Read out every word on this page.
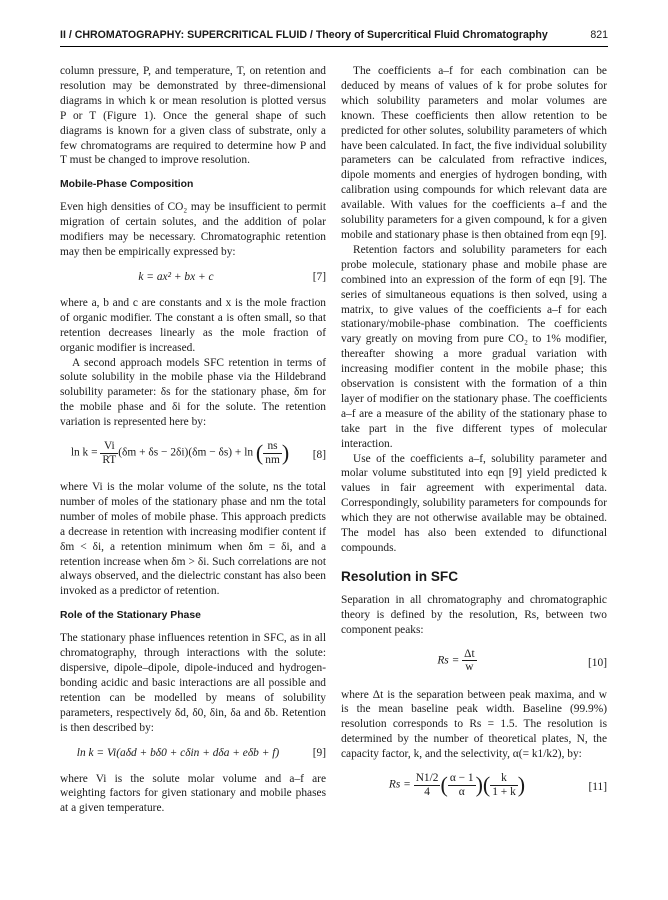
II / CHROMATOGRAPHY: SUPERCRITICAL FLUID / Theory of Supercritical Fluid Chromatography	821

column pressure, P, and temperature, T, on retention and resolution may be demonstrated by three-dimensional diagrams in which k or mean resolution is plotted versus P or T (Figure 1). Once the general shape of such diagrams is known for a given class of substrate, only a few chromatograms are required to determine how P and T must be changed to improve resolution.

Mobile-Phase Composition

Even high densities of CO₂ may be insufficient to permit migration of certain solutes, and the addition of polar modifiers may be necessary. Chromatographic retention may then be empirically expressed by:

k = ax² + bx + c	[7]

where a, b and c are constants and x is the mole fraction of organic modifier. The constant a is often small, so that retention decreases linearly as the mole fraction of organic modifier is increased.

A second approach models SFC retention in terms of solute solubility in the mobile phase via the Hildebrand solubility parameter: δs for the stationary phase, δm for the mobile phase and δi for the solute. The retention variation is represented here by:

$\ln k = \frac{Vi}{RT} (\delta m + \delta s - 2\delta i)(\delta m - \delta s) + \ln$ ( $\frac{ns}{nm}$ )	[8]

where Vi is the molar volume of the solute, ns the total number of moles of the stationary phase and nm the total number of moles of mobile phase. This approach predicts a decrease in retention with increasing modifier content if δm < δi, a retention minimum when δm = δi, and a retention increase when δm > δi. Such correlations are not always observed, and the dielectric constant has also been invoked as a predictor of retention.

Role of the Stationary Phase

The stationary phase influences retention in SFC, as in all chromatography, through interactions with the solute: dispersive, dipole–dipole, dipole-induced and hydrogen-bonding acidic and basic interactions are all possible and retention can be modelled by means of solubility parameters, respectively δd, δ0, δin, δa and δb. Retention is then described by:

ln k = Vi(aδd + bδ0 + cδin + dδa + eδb + f)	[9]

where Vi is the solute molar volume and a–f are weighting factors for given stationary and mobile phases at a given temperature.

The coefficients a–f for each combination can be deduced by means of values of k for probe solutes for which solubility parameters and molar volumes are known. These coefficients then allow retention to be predicted for other solutes, solubility parameters of which have been calculated. In fact, the five individual solubility parameters can be calculated from refractive indices, dipole moments and energies of hydrogen bonding, with calibration using compounds for which relevant data are available. With values for the coefficients a–f and the solubility parameters for a given compound, k for a given mobile and stationary phase is then obtained from eqn [9].

Retention factors and solubility parameters for each probe molecule, stationary phase and mobile phase are combined into an expression of the form of eqn [9]. The series of simultaneous equations is then solved, using a matrix, to give values of the coefficients a–f for each stationary/mobile-phase combination. The coefficients vary greatly on moving from pure CO₂ to 1% modifier, thereafter showing a more gradual variation with increasing modifier content in the mobile phase; this observation is consistent with the formation of a thin layer of modifier on the stationary phase. The coefficients a–f are a measure of the ability of the stationary phase to take part in the five different types of molecular interaction.

Use of the coefficients a–f, solubility parameter and molar volume substituted into eqn [9] yield predicted k values in fair agreement with experimental data. Correspondingly, solubility parameters for compounds for which they are not otherwise available may be obtained. The model has also been extended to difunctional compounds.

Resolution in SFC

Separation in all chromatography and chromatographic theory is defined by the resolution, Rs, between two component peaks:

$Rs = \frac{\Delta t}{w}$	[10]

where Δt is the separation between peak maxima, and w is the mean baseline peak width. Baseline (99.9%) resolution corresponds to Rs = 1.5. The resolution is determined by the number of theoretical plates, N, the capacity factor, k, and the selectivity, α(= k1/k2), by:

$Rs = \frac{N1/2}{4}$ ( $\frac{\alpha - 1}{\alpha}$ )( $\frac{k}{1 + k}$ )	[11]
